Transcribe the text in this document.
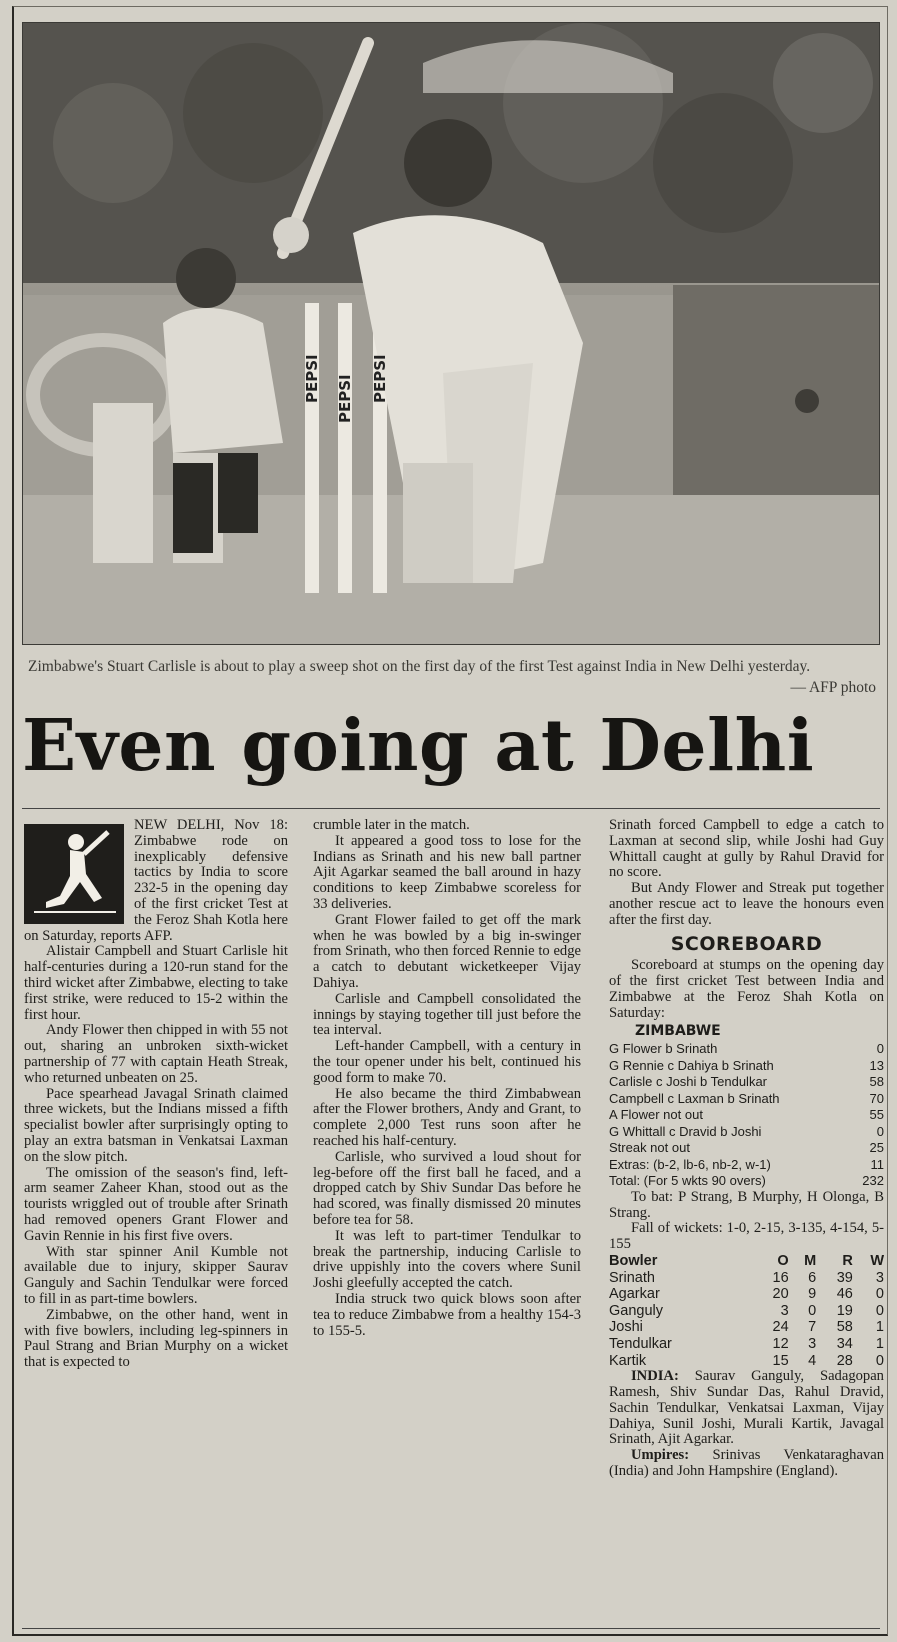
PEPSI PEPSI PEPSI
Zimbabwe's Stuart Carlisle is about to play a sweep shot on the first day of the first Test against India in New Delhi yesterday.
— AFP photo
Even going at Delhi

NEW DELHI, Nov 18: Zimbabwe rode on inexplicably defensive tactics by India to score 232-5 in the opening day of the first cricket Test at the Feroz Shah Kotla here on Saturday, reports AFP.

Alistair Campbell and Stuart Carlisle hit half-centuries during a 120-run stand for the third wicket after Zimbabwe, electing to take first strike, were reduced to 15-2 within the first hour.

Andy Flower then chipped in with 55 not out, sharing an unbroken sixth-wicket partnership of 77 with captain Heath Streak, who returned unbeaten on 25.

Pace spearhead Javagal Srinath claimed three wickets, but the Indians missed a fifth specialist bowler after surprisingly opting to play an extra batsman in Venkatsai Laxman on the slow pitch.

The omission of the season's find, left-arm seamer Zaheer Khan, stood out as the tourists wriggled out of trouble after Srinath had removed openers Grant Flower and Gavin Rennie in his first five overs.

With star spinner Anil Kumble not available due to injury, skipper Saurav Ganguly and Sachin Tendulkar were forced to fill in as part-time bowlers.

Zimbabwe, on the other hand, went in with five bowlers, including leg-spinners in Paul Strang and Brian Murphy on a wicket that is expected to

crumble later in the match.

It appeared a good toss to lose for the Indians as Srinath and his new ball partner Ajit Agarkar seamed the ball around in hazy conditions to keep Zimbabwe scoreless for 33 deliveries.

Grant Flower failed to get off the mark when he was bowled by a big in-swinger from Srinath, who then forced Rennie to edge a catch to debutant wicketkeeper Vijay Dahiya.

Carlisle and Campbell consolidated the innings by staying together till just before the tea interval.

Left-hander Campbell, with a century in the tour opener under his belt, continued his good form to make 70.

He also became the third Zimbabwean after the Flower brothers, Andy and Grant, to complete 2,000 Test runs soon after he reached his half-century.

Carlisle, who survived a loud shout for leg-before off the first ball he faced, and a dropped catch by Shiv Sundar Das before he had scored, was finally dismissed 20 minutes before tea for 58.

It was left to part-timer Tendulkar to break the partnership, inducing Carlisle to drive uppishly into the covers where Sunil Joshi gleefully accepted the catch.

India struck two quick blows soon after tea to reduce Zimbabwe from a healthy 154-3 to 155-5.

Srinath forced Campbell to edge a catch to Laxman at second slip, while Joshi had Guy Whittall caught at gully by Rahul Dravid for no score.

But Andy Flower and Streak put together another rescue act to leave the honours even after the first day.

SCOREBOARD

Scoreboard at stumps on the opening day of the first cricket Test between India and Zimbabwe at the Feroz Shah Kotla on Saturday:

ZIMBABWE
G Flower b Srinath	0
G Rennie c Dahiya b Srinath	13
Carlisle c Joshi b Tendulkar	58
Campbell c Laxman b Srinath	70
A Flower not out	55
G Whittall c Dravid b Joshi	0
Streak not out	25
Extras: (b-2, lb-6, nb-2, w-1)	11
Total: (For 5 wkts 90 overs)	232

To bat: P Strang, B Murphy, H Olonga, B Strang.

Fall of wickets: 1-0, 2-15, 3-135, 4-154, 5-155

Bowler	O	M	R	W
Srinath	16	6	39	3
Agarkar	20	9	46	0
Ganguly	3	0	19	0
Joshi	24	7	58	1
Tendulkar	12	3	34	1
Kartik	15	4	28	0

INDIA: Saurav Ganguly, Sadagopan Ramesh, Shiv Sundar Das, Rahul Dravid, Sachin Tendulkar, Venkatsai Laxman, Vijay Dahiya, Sunil Joshi, Murali Kartik, Javagal Srinath, Ajit Agarkar.

Umpires: Srinivas Venkataraghavan (India) and John Hampshire (England).
